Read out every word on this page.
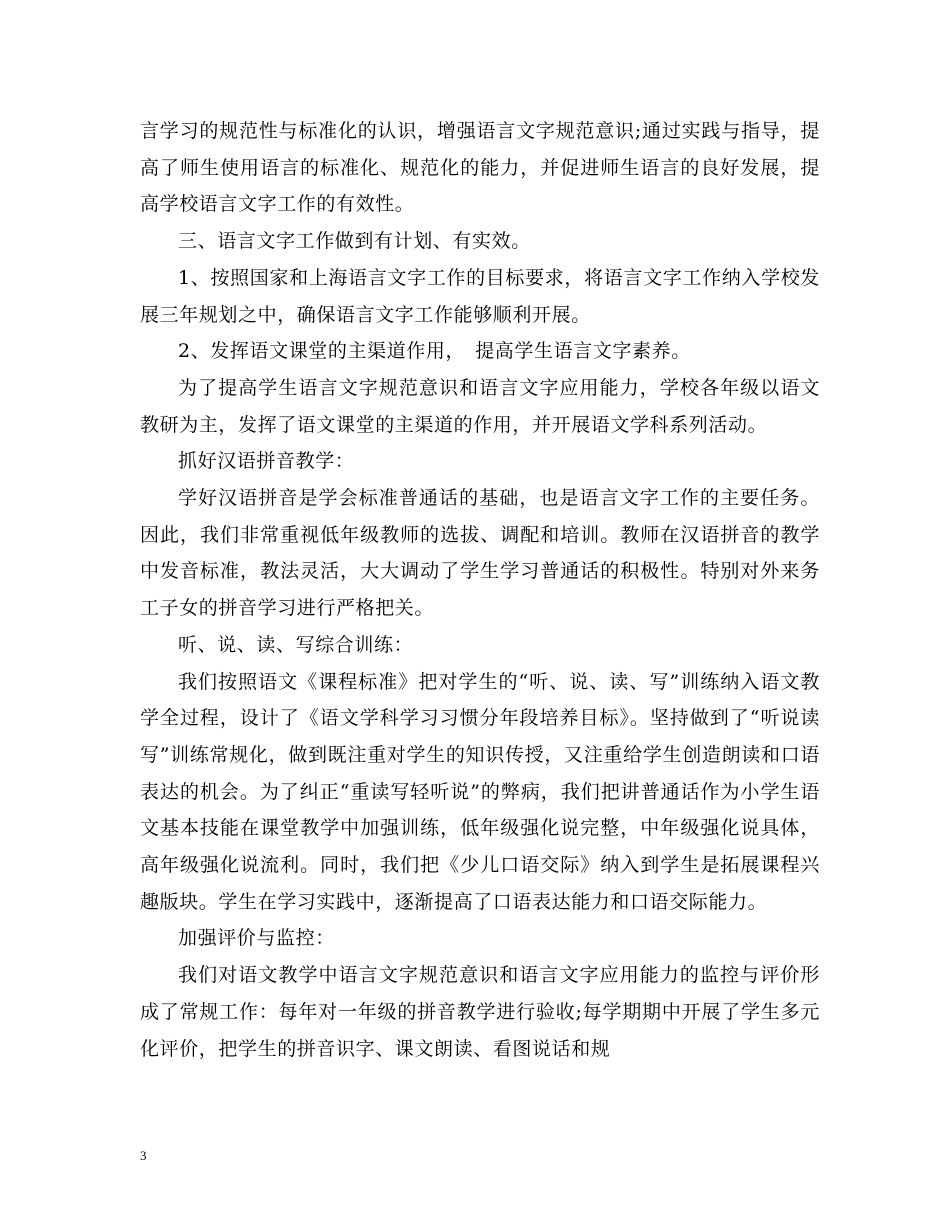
言学习的规范性与标准化的认识，增强语言文字规范意识;通过实践与指导，提高了师生使用语言的标准化、规范化的能力，并促进师生语言的良好发展，提高学校语言文字工作的有效性。

三、语言文字工作做到有计划、有实效。

1、按照国家和上海语言文字工作的目标要求，将语言文字工作纳入学校发展三年规划之中，确保语言文字工作能够顺利开展。

2、发挥语文课堂的主渠道作用，　提高学生语言文字素养。

为了提高学生语言文字规范意识和语言文字应用能力，学校各年级以语文教研为主，发挥了语文课堂的主渠道的作用，并开展语文学科系列活动。

抓好汉语拼音教学：

学好汉语拼音是学会标准普通话的基础，也是语言文字工作的主要任务。因此，我们非常重视低年级教师的选拔、调配和培训。教师在汉语拼音的教学中发音标准，教法灵活，大大调动了学生学习普通话的积极性。特别对外来务工子女的拼音学习进行严格把关。

听、说、读、写综合训练：

我们按照语文《课程标准》把对学生的“听、说、读、写”训练纳入语文教学全过程，设计了《语文学科学习习惯分年段培养目标》。坚持做到了“听说读写”训练常规化，做到既注重对学生的知识传授，又注重给学生创造朗读和口语表达的机会。为了纠正“重读写轻听说”的弊病，我们把讲普通话作为小学生语文基本技能在课堂教学中加强训练，低年级强化说完整，中年级强化说具体，高年级强化说流利。同时，我们把《少儿口语交际》纳入到学生是拓展课程兴趣版块。学生在学习实践中，逐渐提高了口语表达能力和口语交际能力。

加强评价与监控：

我们对语文教学中语言文字规范意识和语言文字应用能力的监控与评价形成了常规工作：每年对一年级的拼音教学进行验收;每学期期中开展了学生多元化评价，把学生的拼音识字、课文朗读、看图说话和规

3
